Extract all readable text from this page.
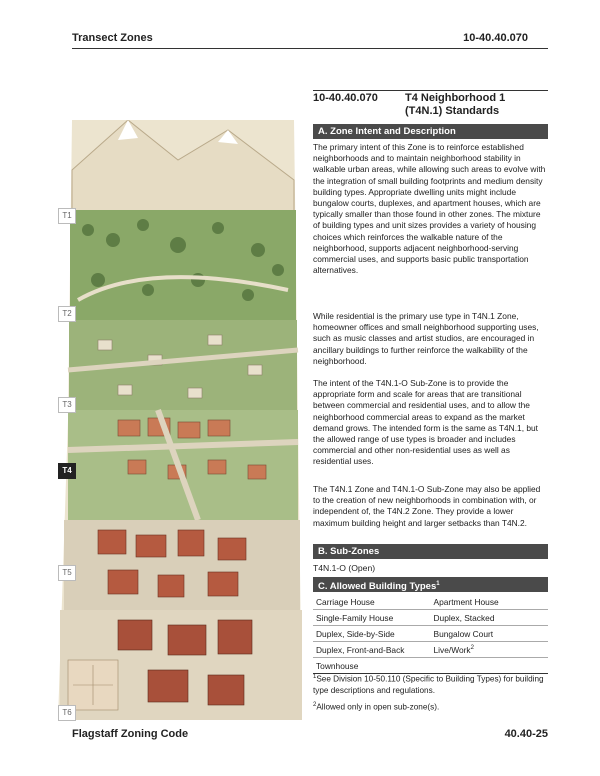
Transect Zones	10-40.40.070
T1
T2
T3
T4
T5
T6
10-40.40.070 T4 Neighborhood 1 (T4N.1) Standards
A. Zone Intent and Description

The primary intent of this Zone is to reinforce established neighborhoods and to maintain neighborhood stability in walkable urban areas, while allowing such areas to evolve with the integration of small building footprints and medium density building types. Appropriate dwelling units might include bungalow courts, duplexes, and apartment houses, which are typically smaller than those found in other zones. The mixture of building types and unit sizes provides a variety of housing choices which reinforces the walkable nature of the neighborhood, supports adjacent neighborhood-serving commercial uses, and supports basic public transportation alternatives.

While residential is the primary use type in T4N.1 Zone, homeowner offices and small neighborhood supporting uses, such as music classes and artist studios, are encouraged in ancillary buildings to further reinforce the walkability of the neighborhood.

The intent of the T4N.1-O Sub-Zone is to provide the appropriate form and scale for areas that are transitional between commercial and residential uses, and to allow the neighborhood commercial areas to expand as the market demand grows. The intended form is the same as T4N.1, but the allowed range of use types is broader and includes commercial and other non-residential uses as well as residential uses.

The T4N.1 Zone and T4N.1-O Sub-Zone may also be applied to the creation of new neighborhoods in combination with, or independent of, the T4N.2 Zone. They provide a lower maximum building height and larger setbacks than T4N.2.

B. Sub-Zones
T4N.1-O (Open)
C. Allowed Building Types$^1$
Carriage House	Apartment House
Single-Family House	Duplex, Stacked
Duplex, Side-by-Side	Bungalow Court
Duplex, Front-and-Back	Live/Work$^2$
Townhouse	
$^1$See Division 10-50.110 (Specific to Building Types) for building type descriptions and regulations.
$^2$Allowed only in open sub-zone(s).
Flagstaff Zoning Code	40.40-25
